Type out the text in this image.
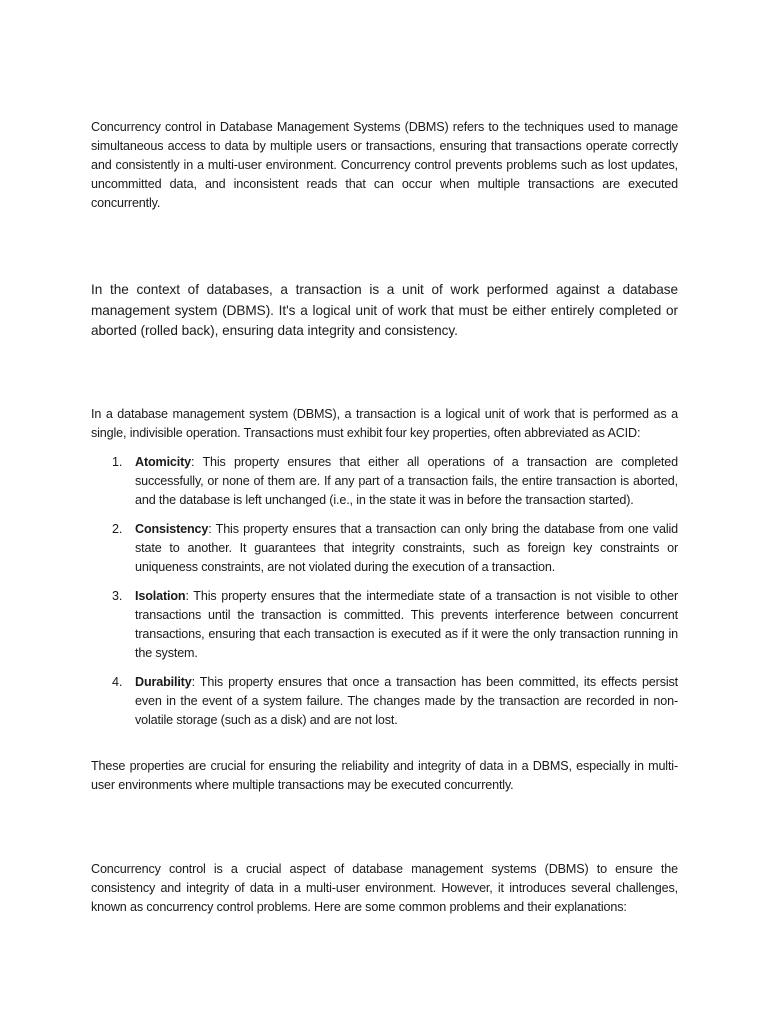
Concurrency control in Database Management Systems (DBMS) refers to the techniques used to manage simultaneous access to data by multiple users or transactions, ensuring that transactions operate correctly and consistently in a multi-user environment. Concurrency control prevents problems such as lost updates, uncommitted data, and inconsistent reads that can occur when multiple transactions are executed concurrently.

In the context of databases, a transaction is a unit of work performed against a database management system (DBMS). It's a logical unit of work that must be either entirely completed or aborted (rolled back), ensuring data integrity and consistency.

In a database management system (DBMS), a transaction is a logical unit of work that is performed as a single, indivisible operation. Transactions must exhibit four key properties, often abbreviated as ACID:

1. Atomicity: This property ensures that either all operations of a transaction are completed successfully, or none of them are. If any part of a transaction fails, the entire transaction is aborted, and the database is left unchanged (i.e., in the state it was in before the transaction started).
2. Consistency: This property ensures that a transaction can only bring the database from one valid state to another. It guarantees that integrity constraints, such as foreign key constraints or uniqueness constraints, are not violated during the execution of a transaction.
3. Isolation: This property ensures that the intermediate state of a transaction is not visible to other transactions until the transaction is committed. This prevents interference between concurrent transactions, ensuring that each transaction is executed as if it were the only transaction running in the system.
4. Durability: This property ensures that once a transaction has been committed, its effects persist even in the event of a system failure. The changes made by the transaction are recorded in non-volatile storage (such as a disk) and are not lost.

These properties are crucial for ensuring the reliability and integrity of data in a DBMS, especially in multi-user environments where multiple transactions may be executed concurrently.

Concurrency control is a crucial aspect of database management systems (DBMS) to ensure the consistency and integrity of data in a multi-user environment. However, it introduces several challenges, known as concurrency control problems. Here are some common problems and their explanations:
